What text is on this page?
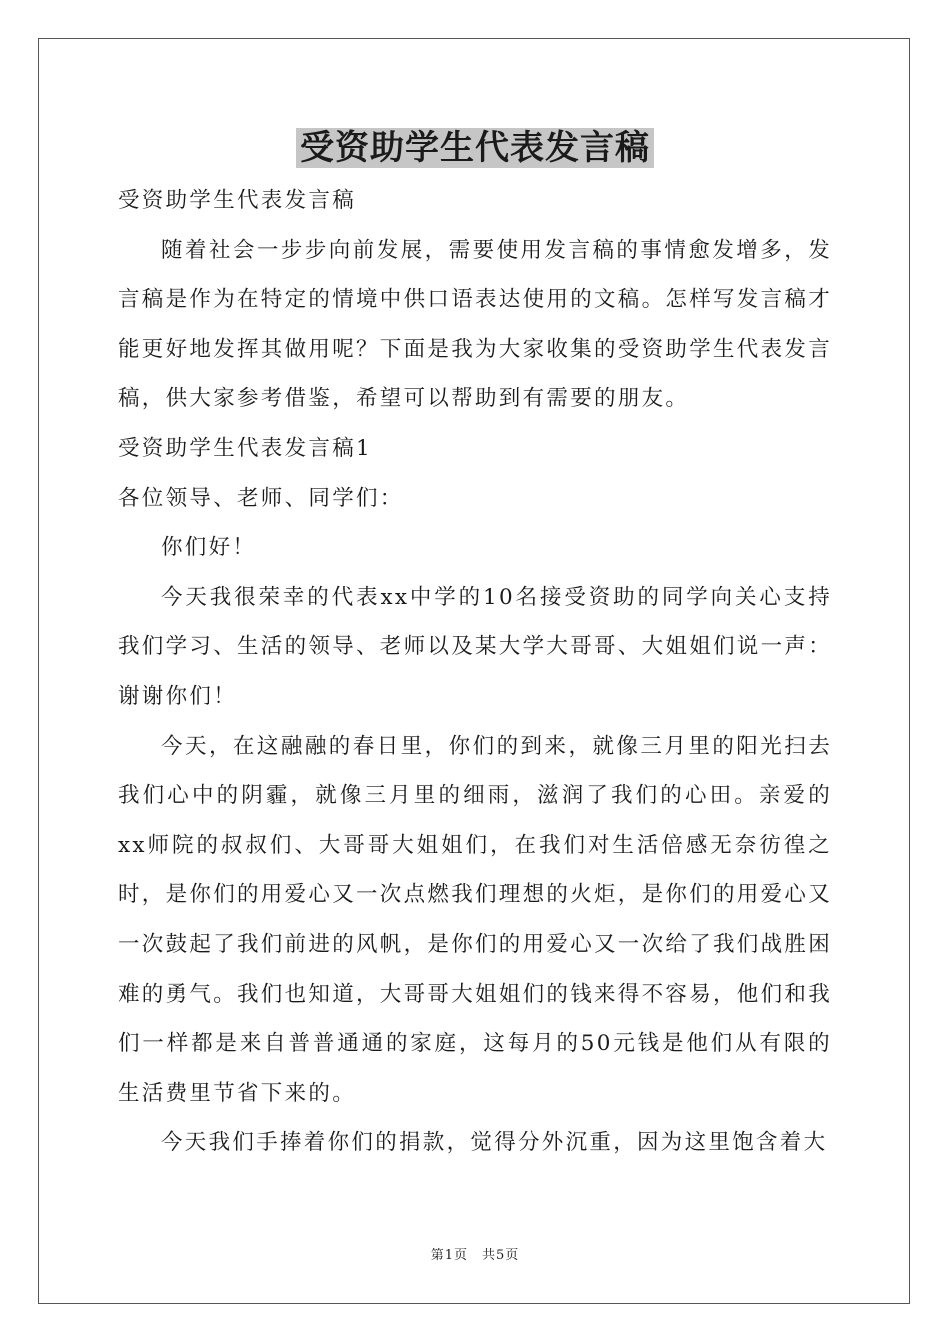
受资助学生代表发言稿

受资助学生代表发言稿

随着社会一步步向前发展，需要使用发言稿的事情愈发增多，发言稿是作为在特定的情境中供口语表达使用的文稿。怎样写发言稿才能更好地发挥其做用呢？下面是我为大家收集的受资助学生代表发言稿，供大家参考借鉴，希望可以帮助到有需要的朋友。

受资助学生代表发言稿1

各位领导、老师、同学们：

你们好！

今天我很荣幸的代表xx中学的10名接受资助的同学向关心支持我们学习、生活的领导、老师以及某大学大哥哥、大姐姐们说一声：谢谢你们！

今天，在这融融的春日里，你们的到来，就像三月里的阳光扫去我们心中的阴霾，就像三月里的细雨，滋润了我们的心田。亲爱的xx师院的叔叔们、大哥哥大姐姐们，在我们对生活倍感无奈彷徨之时，是你们的用爱心又一次点燃我们理想的火炬，是你们的用爱心又一次鼓起了我们前进的风帆，是你们的用爱心又一次给了我们战胜困难的勇气。我们也知道，大哥哥大姐姐们的钱来得不容易，他们和我们一样都是来自普普通通的家庭，这每月的50元钱是他们从有限的生活费里节省下来的。

今天我们手捧着你们的捐款，觉得分外沉重，因为这里饱含着大

第1页　共5页
